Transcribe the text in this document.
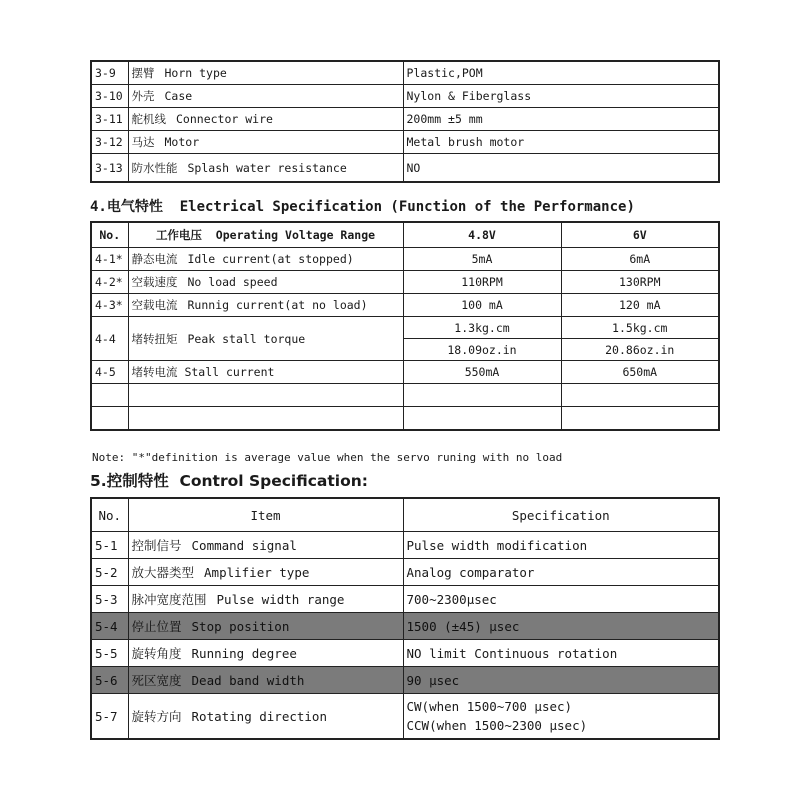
3-9	摆臂 Horn type	Plastic,POM
3-10	外壳 Case	Nylon & Fiberglass
3-11	舵机线 Connector wire	200mm ±5 mm
3-12	马达 Motor	Metal brush motor
3-13	防水性能 Splash water resistance	NO
4.电气特性 Electrical Specification (Function of the Performance)
No.	工作电压 Operating Voltage Range	4.8V	6V
4-1*	静态电流 Idle current(at stopped)	5mA	6mA
4-2*	空载速度 No load speed	110RPM	130RPM
4-3*	空载电流 Runnig current(at no load)	100 mA	120 mA
4-4	堵转扭矩 Peak stall torque	1.3kg.cm	1.5kg.cm
		18.09oz.in	20.86oz.in
4-5	堵转电流 Stall current	550mA	650mA

Note: "*"definition is average value when the servo runing with no load
5.控制特性 Control Specification:
No.	Item	Specification
5-1	控制信号 Command signal	Pulse width modification
5-2	放大器类型 Amplifier type	Analog comparator
5-3	脉冲宽度范围 Pulse width range	700~2300μsec
5-4	停止位置 Stop position	1500 (±45) μsec
5-5	旋转角度 Running degree	NO limit Continuous rotation
5-6	死区宽度 Dead band width	90 μsec
5-7	旋转方向 Rotating direction	CW(when 1500~700 μsec)
CCW(when 1500~2300 μsec)
